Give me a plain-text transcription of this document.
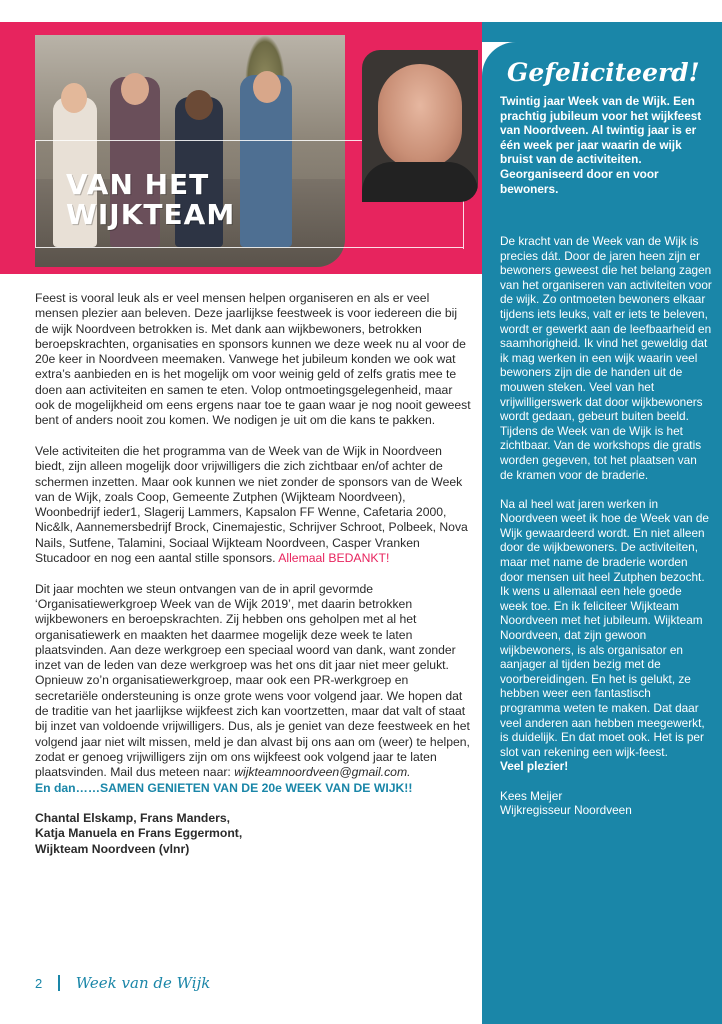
VAN HET WIJKTEAM

Feest is vooral leuk als er veel mensen helpen organiseren en als er veel mensen plezier aan beleven. Deze jaarlijkse feestweek is voor iedereen die bij de wijk Noordveen betrokken is. Met dank aan wijkbewoners, betrokken beroepskrachten, organisaties en sponsors kunnen we deze week nu al voor de 20e keer in Noordveen meemaken. Vanwege het jubileum konden we ook wat extra’s aanbieden en is het mogelijk om voor weinig geld of zelfs gratis mee te doen aan activiteiten en samen te eten. Volop ontmoetingsgelegenheid, maar ook de mogelijkheid om eens ergens naar toe te gaan waar je nog nooit geweest bent of anders nooit zou komen. We nodigen je uit om die kans te pakken.

Vele activiteiten die het programma van de Week van de Wijk in Noordveen biedt, zijn alleen mogelijk door vrijwilligers die zich zichtbaar en/of achter de schermen inzetten. Maar ook kunnen we niet zonder de sponsors van de Week van de Wijk, zoals Coop, Gemeente Zutphen (Wijkteam Noordveen), Woonbedrijf ieder1, Slagerij Lammers, Kapsalon FF Wenne, Cafetaria 2000, Nic&lk, Aannemersbedrijf Brock, Cinemajestic, Schrijver Schroot, Polbeek, Nova Nails, Sutfene, Talamini, Sociaal Wijkteam Noordveen, Casper Vranken Stucadoor en nog een aantal stille sponsors. Allemaal BEDANKT!

Dit jaar mochten we steun ontvangen van de in april gevormde ‘Organisatiewerkgroep Week van de Wijk 2019’, met daarin betrokken wijkbewoners en beroepskrachten. Zij hebben ons geholpen met al het organisatiewerk en maakten het daarmee mogelijk deze week te laten plaatsvinden. Aan deze werkgroep een speciaal woord van dank, want zonder inzet van de leden van deze werkgroep was het ons dit jaar niet meer gelukt. Opnieuw zo’n organisatiewerkgroep, maar ook een PR-werkgroep en secretariële ondersteuning is onze grote wens voor volgend jaar. We hopen dat de traditie van het jaarlijkse wijkfeest zich kan voortzetten, maar dat valt of staat bij inzet van voldoende vrijwilligers. Dus, als je geniet van deze feestweek en het volgend jaar niet wilt missen, meld je dan alvast bij ons aan om (weer) te helpen, zodat er genoeg vrijwilligers zijn om ons wijkfeest ook volgend jaar te laten plaatsvinden. Mail dus meteen naar: wijkteamnoordveen@gmail.com.
En dan……SAMEN GENIETEN VAN DE 20e WEEK VAN DE WIJK!!

Chantal Elskamp, Frans Manders,
Katja Manuela en Frans Eggermont,
Wijkteam Noordveen (vlnr)

2 Week van de Wijk
Gefeliciteerd!

Twintig jaar Week van de Wijk. Een prachtig jubileum voor het wijkfeest van Noordveen. Al twintig jaar is er één week per jaar waarin de wijk bruist van de activiteiten. Georganiseerd door en voor bewoners.

De kracht van de Week van de Wijk is precies dát. Door de jaren heen zijn er bewoners geweest die het belang zagen van het organiseren van activiteiten voor de wijk. Zo ontmoeten bewoners elkaar tijdens iets leuks, valt er iets te beleven, wordt er gewerkt aan de leefbaarheid en saamhorigheid. Ik vind het geweldig dat ik mag werken in een wijk waarin veel bewoners zijn die de handen uit de mouwen steken. Veel van het vrijwilligerswerk dat door wijkbewoners wordt gedaan, gebeurt buiten beeld. Tijdens de Week van de Wijk is het zichtbaar. Van de workshops die gratis worden gegeven, tot het plaatsen van de kramen voor de braderie.

Na al heel wat jaren werken in Noordveen weet ik hoe de Week van de Wijk gewaardeerd wordt. En niet alleen door de wijkbewoners. De activiteiten, maar met name de braderie worden door mensen uit heel Zutphen bezocht. Ik wens u allemaal een hele goede week toe. En ik feliciteer Wijkteam Noordveen met het jubileum. Wijkteam Noordveen, dat zijn gewoon wijkbewoners, is als organisator en aanjager al tijden bezig met de voorbereidingen. En het is gelukt, ze hebben weer een fantastisch programma weten te maken. Dat daar veel anderen aan hebben meegewerkt, is duidelijk. En dat moet ook. Het is per slot van rekening een wijk-feest.
Veel plezier!

Kees Meijer
Wijkregisseur Noordveen
